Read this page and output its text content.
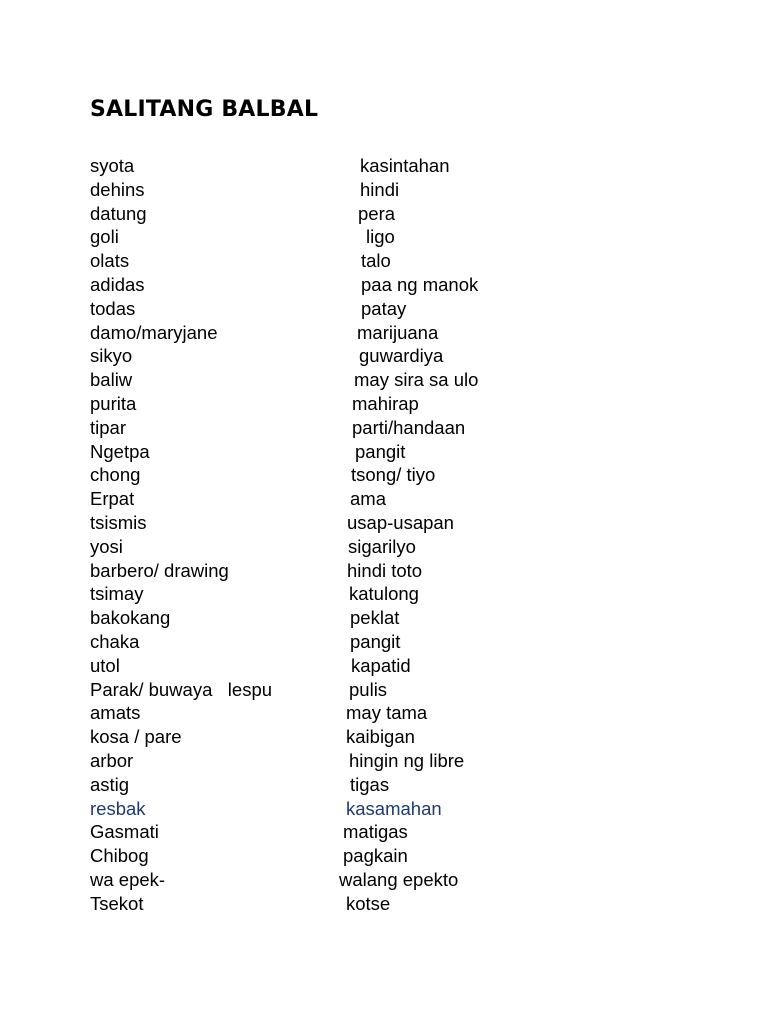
SALITANG BALBAL
syota	kasintahan
dehins	hindi
datung	pera
goli	ligo
olats	talo
adidas	paa ng manok
todas	patay
damo/maryjane	marijuana
sikyo	guwardiya
baliw	may sira sa ulo
purita	mahirap
tipar	parti/handaan
Ngetpa	pangit
chong	tsong/ tiyo
Erpat	ama
tsismis	usap-usapan
yosi	sigarilyo
barbero/ drawing	hindi toto
tsimay	katulong
bakokang	peklat
chaka	pangit
utol	kapatid
Parak/ buwaya   lespu	pulis
amats	may tama
kosa / pare	kaibigan
arbor	hingin ng libre
astig	tigas
resbak	kasamahan
Gasmati	matigas
Chibog	pagkain
wa epek-	walang epekto
Tsekot	kotse
